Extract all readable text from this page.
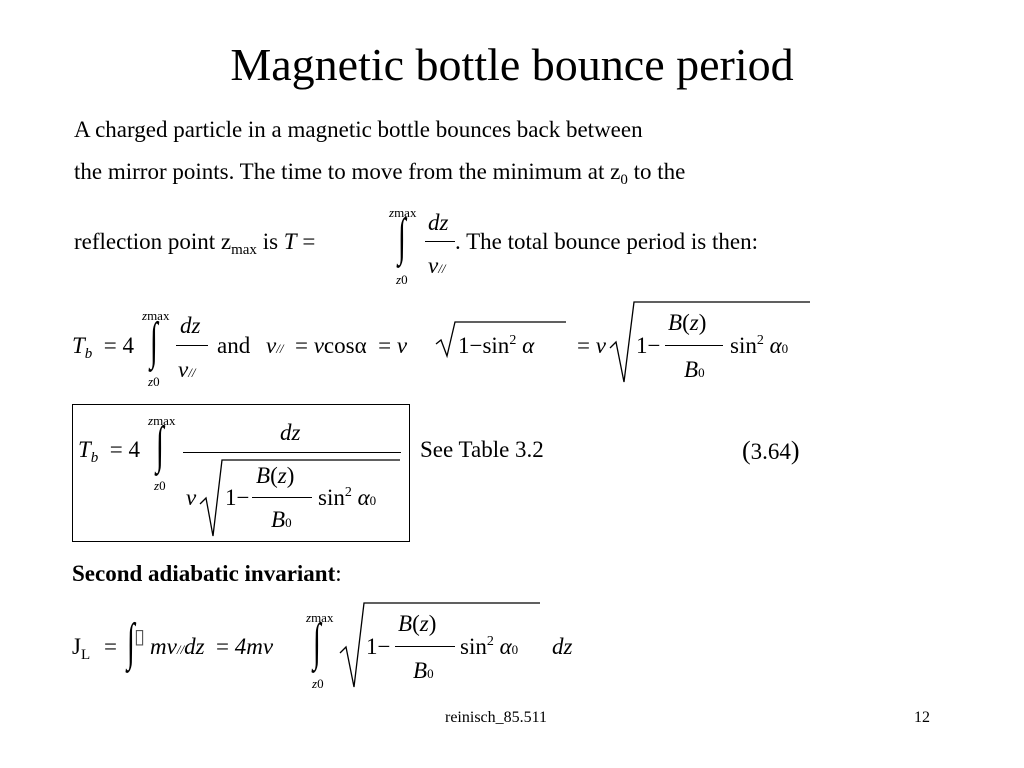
Magnetic bottle bounce period
A charged particle in a magnetic bottle bounces back between
the mirror points. The time to move from the minimum at $z_0$ to the
reflection point $z_{max}$ is T =
zmax
∫
z0
dz
v//
. The total bounce period is then:
$T_b = 4$
zmax
∫
z0
dz
v//
and v// = vcosα = v $1-\sin^2$ α = v 1−
B(z)
B0
$\sin^2 \alpha 0$
$T_b = 4$
zmax
∫
z0
dz
v 1−
B(z)
B0
$\sin^2 \alpha 0$
See Table 3.2	(3.64)
Second adiabatic invariant:
$J_L$ = ∫ ▯ mv//dz = 4mv
zmax
∫
z0
1−
B(z)
B0
$\sin^2 \alpha 0$ dz
reinisch_85.511	12
